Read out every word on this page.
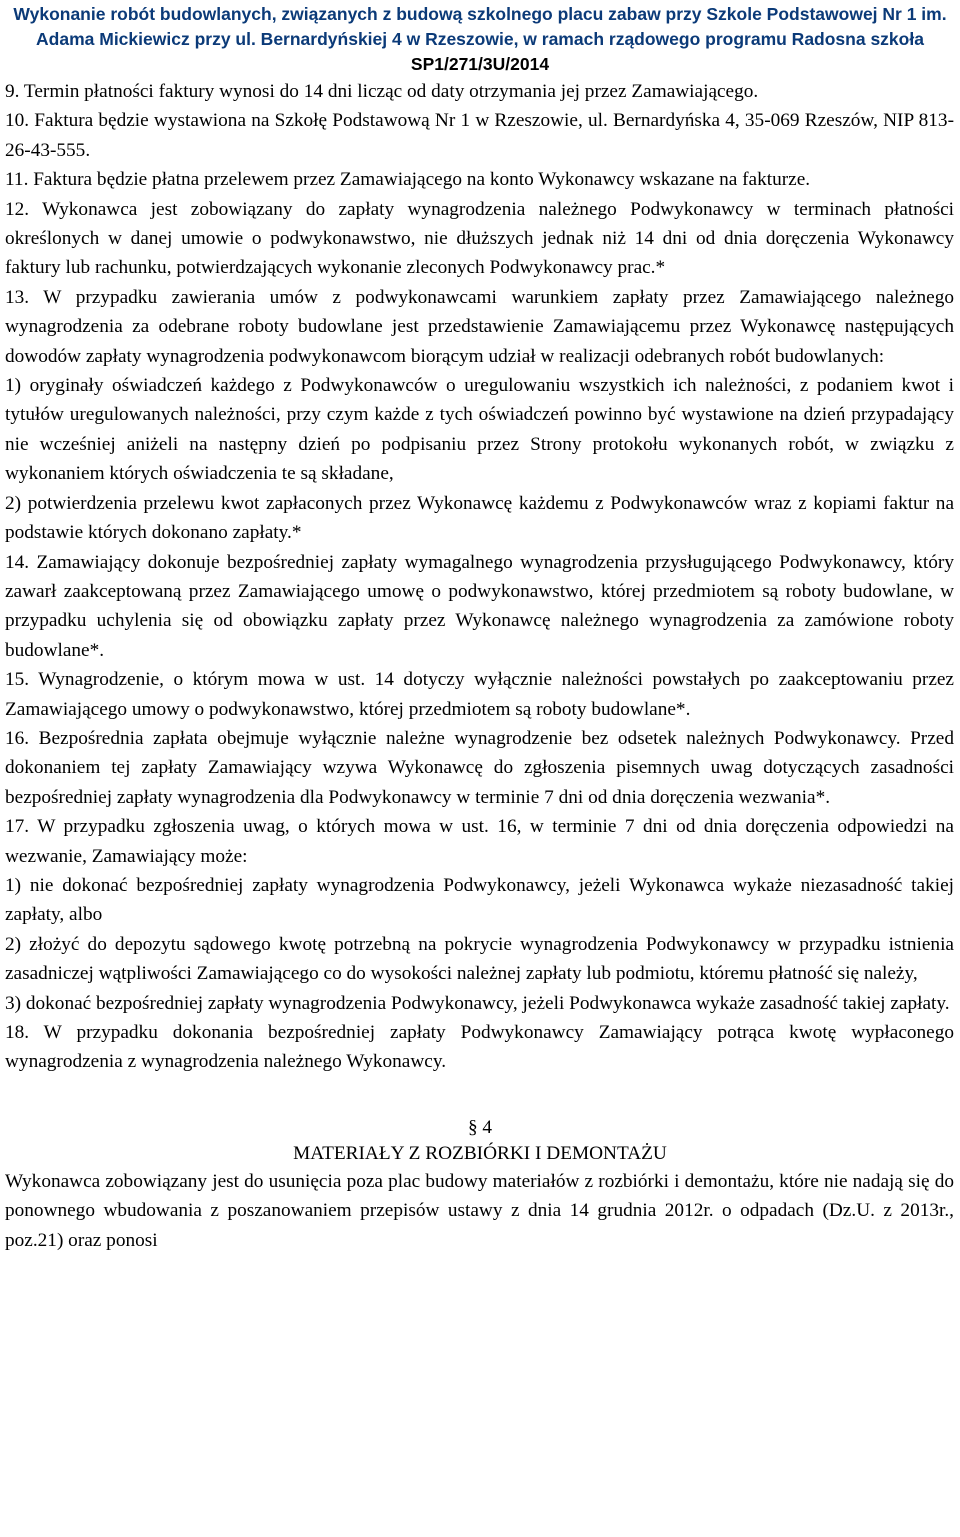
Wykonanie robót budowlanych, związanych z budową szkolnego placu zabaw przy Szkole Podstawowej Nr 1 im.
Adama Mickiewicz przy ul. Bernardyńskiej 4 w Rzeszowie, w ramach rządowego programu Radosna szkoła
SP1/271/3U/2014

9. Termin płatności faktury wynosi do 14 dni licząc od daty otrzymania jej przez Zamawiającego.

10. Faktura będzie wystawiona na Szkołę Podstawową Nr 1 w Rzeszowie, ul. Bernardyńska 4, 35-069 Rzeszów, NIP 813-26-43-555.

11. Faktura będzie płatna przelewem przez Zamawiającego na konto Wykonawcy wskazane na fakturze.

12. Wykonawca jest zobowiązany do zapłaty wynagrodzenia należnego Podwykonawcy w terminach płatności określonych w danej umowie o podwykonawstwo, nie dłuższych jednak niż 14 dni od dnia doręczenia Wykonawcy faktury lub rachunku, potwierdzających wykonanie zleconych Podwykonawcy prac.*

13. W przypadku zawierania umów z podwykonawcami warunkiem zapłaty przez Zamawiającego należnego wynagrodzenia za odebrane roboty budowlane jest przedstawienie Zamawiającemu przez Wykonawcę następujących dowodów zapłaty wynagrodzenia podwykonawcom biorącym udział w realizacji odebranych robót budowlanych:

1) oryginały oświadczeń każdego z Podwykonawców o uregulowaniu wszystkich ich należności, z podaniem kwot i tytułów uregulowanych należności, przy czym każde z tych oświadczeń powinno być wystawione na dzień przypadający nie wcześniej aniżeli na następny dzień po podpisaniu przez Strony protokołu wykonanych robót, w związku z wykonaniem których oświadczenia te są składane,

2) potwierdzenia przelewu kwot zapłaconych przez Wykonawcę każdemu z Podwykonawców wraz z kopiami faktur na podstawie których dokonano zapłaty.*

14. Zamawiający dokonuje bezpośredniej zapłaty wymagalnego wynagrodzenia przysługującego Podwykonawcy, który zawarł zaakceptowaną przez Zamawiającego umowę o podwykonawstwo, której przedmiotem są roboty budowlane, w przypadku uchylenia się od obowiązku zapłaty przez Wykonawcę należnego wynagrodzenia za zamówione roboty budowlane*.

15. Wynagrodzenie, o którym mowa w ust. 14 dotyczy wyłącznie należności powstałych po zaakceptowaniu przez Zamawiającego umowy o podwykonawstwo, której przedmiotem są roboty budowlane*.

16. Bezpośrednia zapłata obejmuje wyłącznie należne wynagrodzenie bez odsetek należnych Podwykonawcy. Przed dokonaniem tej zapłaty Zamawiający wzywa Wykonawcę do zgłoszenia pisemnych uwag dotyczących zasadności bezpośredniej zapłaty wynagrodzenia dla Podwykonawcy w terminie 7 dni od dnia doręczenia wezwania*.

17. W przypadku zgłoszenia uwag, o których mowa w ust. 16, w terminie 7 dni od dnia doręczenia odpowiedzi na wezwanie, Zamawiający może:

1) nie dokonać bezpośredniej zapłaty wynagrodzenia Podwykonawcy, jeżeli Wykonawca wykaże niezasadność takiej zapłaty, albo

2) złożyć do depozytu sądowego kwotę potrzebną na pokrycie wynagrodzenia Podwykonawcy w przypadku istnienia zasadniczej wątpliwości Zamawiającego co do wysokości należnej zapłaty lub podmiotu, któremu płatność się należy,

3) dokonać bezpośredniej zapłaty wynagrodzenia Podwykonawcy, jeżeli Podwykonawca wykaże zasadność takiej zapłaty.

18. W przypadku dokonania bezpośredniej zapłaty Podwykonawcy Zamawiający potrąca kwotę wypłaconego wynagrodzenia z wynagrodzenia należnego Wykonawcy.

§ 4
MATERIAŁY Z ROZBIÓRKI I DEMONTAŻU

Wykonawca zobowiązany jest do usunięcia poza plac budowy materiałów z rozbiórki i demontażu, które nie nadają się do ponownego wbudowania z poszanowaniem przepisów ustawy z dnia 14 grudnia 2012r. o odpadach (Dz.U. z 2013r., poz.21) oraz ponosi
